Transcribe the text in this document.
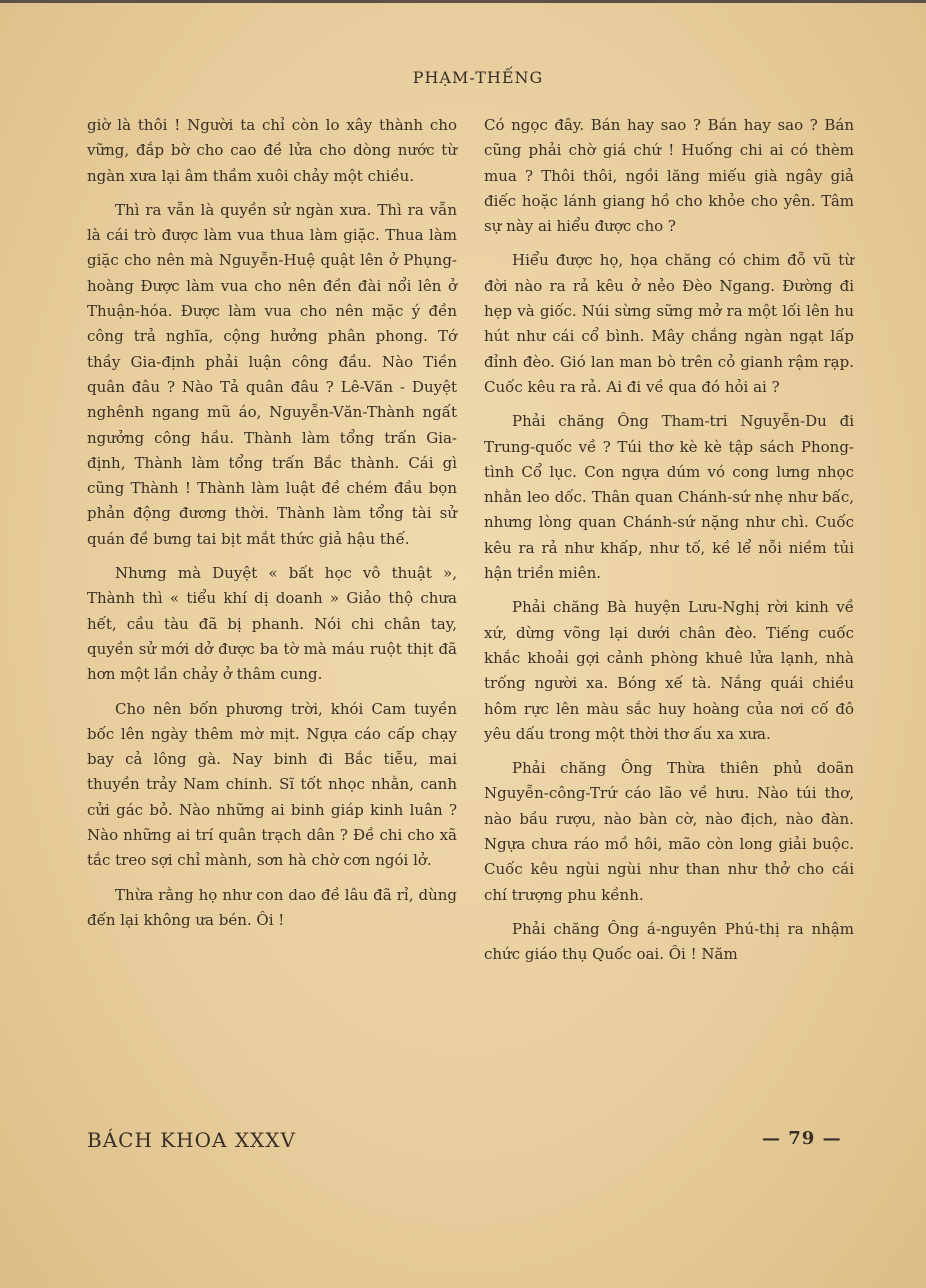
PHẠM-THẾNG

giờ là thôi ! Người ta chỉ còn lo xây thành cho vững, đắp bờ cho cao đề lửa cho dòng nước từ ngàn xưa lại âm thầm xuôi chảy một chiều.

Thì ra vẫn là quyền sử ngàn xưa. Thì ra vẫn là cái trò được làm vua thua làm giặc. Thua làm giặc cho nên mà Nguyễn-Huệ quật lên ở Phụng-hoàng Được làm vua cho nên đền đài nổi lên ở Thuận-hóa. Được làm vua cho nên mặc ý đền công trả nghĩa, cộng hưởng phân phong. Tớ thầy Gia-định phải luận công đầu. Nào Tiền quân đâu ? Nào Tả quân đâu ? Lê-Văn - Duyệt nghênh ngang mũ áo, Nguyễn-Văn-Thành ngất ngưởng công hầu. Thành làm tổng trấn Gia-định, Thành làm tổng trấn Bắc thành. Cái gì cũng Thành ! Thành làm luật đề chém đầu bọn phản động đương thời. Thành làm tổng tài sử quán đề bưng tai bịt mắt thức giả hậu thế.

Nhưng mà Duyệt « bất học vô thuật », Thành thì « tiểu khí dị doanh » Giảo thộ chưa hết, cầu tàu đã bị phanh. Nói chi chân tay, quyền sử mới dở được ba tờ mà máu ruột thịt đã hơn một lần chảy ở thâm cung.

Cho nên bốn phương trời, khói Cam tuyền bốc lên ngày thêm mờ mịt. Ngựa cáo cấp chạy bay cả lông gà. Nay binh đi Bắc tiễu, mai thuyền trảy Nam chinh. Sĩ tốt nhọc nhằn, canh cửi gác bỏ. Nào những ai binh giáp kinh luân ? Nào những ai trí quân trạch dân ? Đề chi cho xã tắc treo sợi chỉ mành, sơn hà chờ cơn ngói lở.

Thừa rằng họ như con dao đề lâu đã rỉ, dùng đến lại không ưa bén. Ôi !

Có ngọc đây. Bán hay sao ? Bán hay sao ? Bán cũng phải chờ giá chứ ! Huống chi ai có thèm mua ? Thôi thôi, ngồi lăng miếu già ngây giả điếc hoặc lánh giang hồ cho khỏe cho yên. Tâm sự này ai hiểu được cho ?

Hiểu được họ, họa chăng có chim đỗ vũ từ đời nào ra rả kêu ở nẻo Đèo Ngang. Đường đi hẹp và giốc. Núi sừng sững mở ra một lối lên hu hút như cái cổ bình. Mây chắng ngàn ngạt lấp đỉnh đèo. Gió lan man bò trên cỏ gianh rậm rạp. Cuốc kêu ra rả. Ai đi về qua đó hỏi ai ?

Phải chăng Ông Tham-tri Nguyễn-Du đi Trung-quốc về ? Túi thơ kè kè tập sách Phong-tình Cổ lục. Con ngựa dúm vó cong lưng nhọc nhằn leo dốc. Thân quan Chánh-sứ nhẹ như bấc, nhưng lòng quan Chánh-sứ nặng như chì. Cuốc kêu ra rả như khấp, như tố, kề lể nỗi niềm tủi hận triền miên.

Phải chăng Bà huyện Lưu-Nghị rời kinh về xứ, dừng võng lại dưới chân đèo. Tiếng cuốc khắc khoải gợi cảnh phòng khuê lửa lạnh, nhà trống người xa. Bóng xế tà. Nắng quái chiều hôm rực lên màu sắc huy hoàng của nơi cố đô yêu dấu trong một thời thơ ấu xa xưa.

Phải chăng Ông Thừa thiên phủ doãn Nguyễn-công-Trứ cáo lão về hưu. Nào túi thơ, nào bầu rượu, nào bàn cờ, nào địch, nào đàn. Ngựa chưa ráo mồ hôi, mão còn long giải buộc. Cuốc kêu ngùi ngùi như than như thở cho cái chí trượng phu kềnh.

Phải chăng Ông á-nguyên Phú-thị ra nhậm chức giáo thụ Quốc oai. Ôi ! Năm

BÁCH KHOA XXXV	— 79 —
